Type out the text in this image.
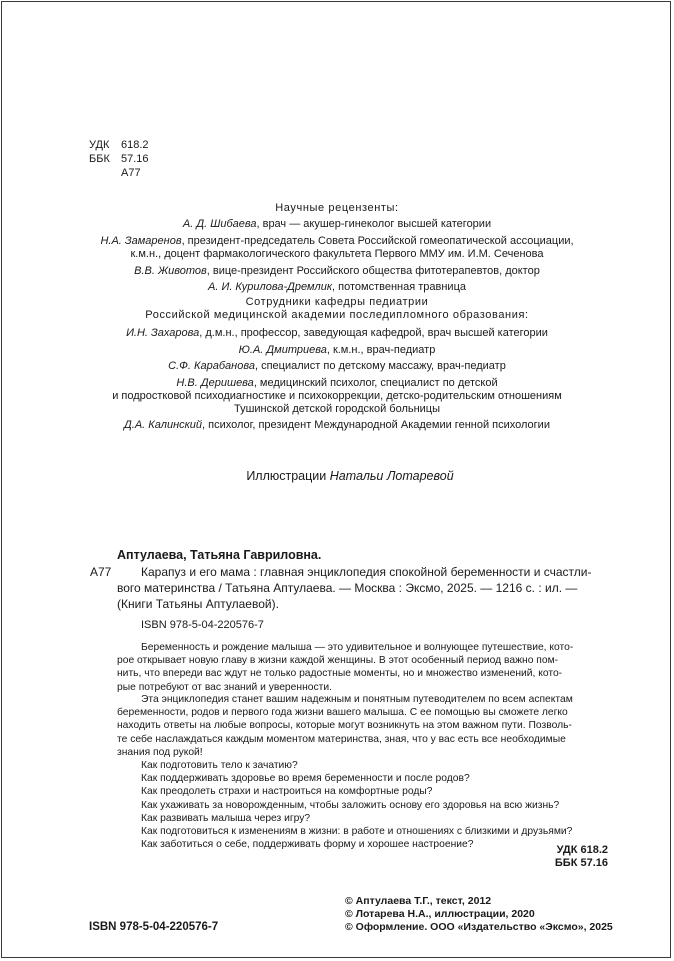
УДК 618.2
ББК 57.16
А77
Научные рецензенты:
А. Д. Шибаева, врач — акушер-гинеколог высшей категории
Н.А. Замаренов, президент-председатель Совета Российской гомеопатической ассоциации,
к.м.н., доцент фармакологического факультета Первого ММУ им. И.М. Сеченова
В.В. Животов, вице-президент Российского общества фитотерапевтов, доктор
А. И. Курилова-Дремлик, потомственная травница
Сотрудники кафедры педиатрии
Российской медицинской академии последипломного образования:
И.Н. Захарова, д.м.н., профессор, заведующая кафедрой, врач высшей категории
Ю.А. Дмитриева, к.м.н., врач-педиатр
С.Ф. Карабанова, специалист по детскому массажу, врач-педиатр
Н.В. Деришева, медицинский психолог, специалист по детской
и подростковой психодиагностике и психокоррекции, детско-родительским отношениям
Тушинской детской городской больницы
Д.А. Калинский, психолог, президент Международной Академии генной психологии
Иллюстрации Натальи Лотаревой
Аптулаева, Татьяна Гавриловна.
А77 Карапуз и его мама : главная энциклопедия спокойной беременности и счастли-
вого материнства / Татьяна Аптулаева. — Москва : Эксмо, 2025. — 1216 с. : ил. —
(Книги Татьяны Аптулаевой).
ISBN 978-5-04-220576-7
Беременность и рождение малыша — это удивительное и волнующее путешествие, кото-
рое открывает новую главу в жизни каждой женщины. В этот особенный период важно пом-
нить, что впереди вас ждут не только радостные моменты, но и множество изменений, кото-
рые потребуют от вас знаний и уверенности.
Эта энциклопедия станет вашим надежным и понятным путеводителем по всем аспектам
беременности, родов и первого года жизни вашего малыша. С ее помощью вы сможете легко
находить ответы на любые вопросы, которые могут возникнуть на этом важном пути. Позволь-
те себе наслаждаться каждым моментом материнства, зная, что у вас есть все необходимые
знания под рукой!
Как подготовить тело к зачатию?
Как поддерживать здоровье во время беременности и после родов?
Как преодолеть страхи и настроиться на комфортные роды?
Как ухаживать за новорожденным, чтобы заложить основу его здоровья на всю жизнь?
Как развивать малыша через игру?
Как подготовиться к изменениям в жизни: в работе и отношениях с близкими и друзьями?
Как заботиться о себе, поддерживать форму и хорошее настроение?	УДК 618.2
ББК 57.16
© Аптулаева Т.Г., текст, 2012
© Лотарева Н.А., иллюстрации, 2020
© Оформление. ООО «Издательство «Эксмо», 2025
ISBN 978-5-04-220576-7
